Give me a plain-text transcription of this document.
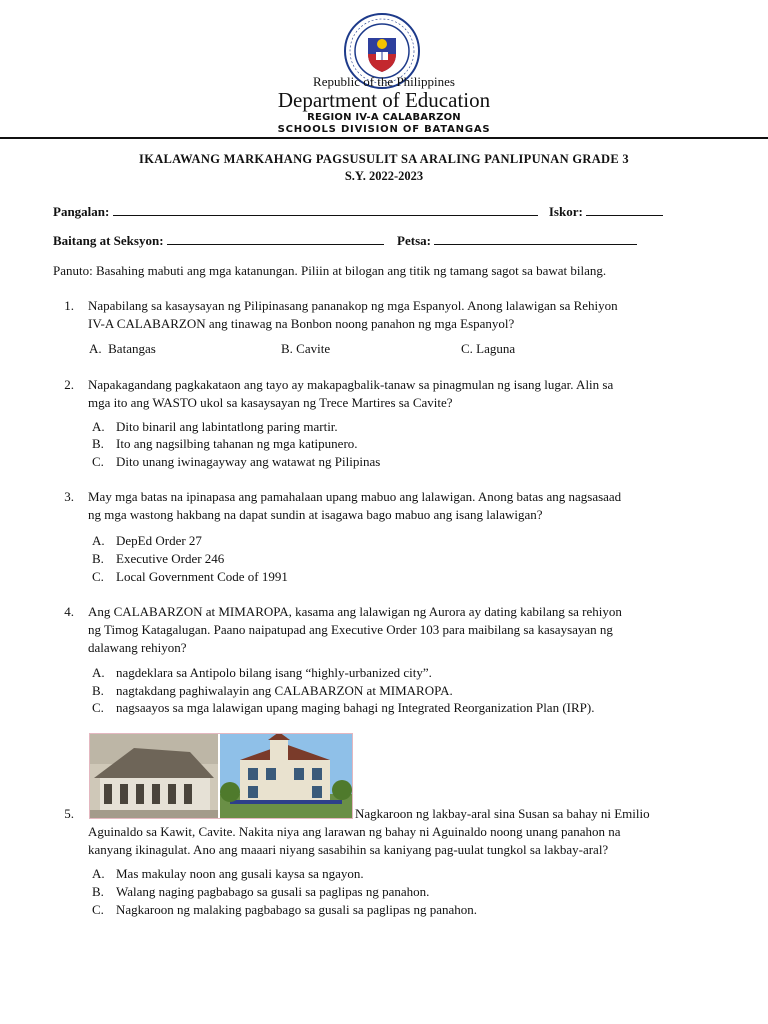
Republic of the Philippines
Department of Education
REGION IV-A CALABARZON
SCHOOLS DIVISION OF BATANGAS
IKALAWANG MARKAHANG PAGSUSULIT SA ARALING PANLIPUNAN GRADE 3
S.Y. 2022-2023
Pangalan:	Iskor:
Baitang at Seksyon:	Petsa:
Panuto: Basahing mabuti ang mga katanungan. Piliin at bilogan ang titik ng tamang sagot sa bawat bilang.
1. Napabilang sa kasaysayan ng Pilipinasang pananakop ng mga Espanyol. Anong lalawigan sa Rehiyon
IV-A CALABARZON ang tinawag na Bonbon noong panahon ng mga Espanyol?
A. Batangas	B. Cavite	C. Laguna
2. Napakagandang pagkakataon ang tayo ay makapagbalik-tanaw sa pinagmulan ng isang lugar. Alin sa
mga ito ang WASTO ukol sa kasaysayan ng Trece Martires sa Cavite?
A. Dito binaril ang labintatlong paring martir.
B. Ito ang nagsilbing tahanan ng mga katipunero.
C. Dito unang iwinagayway ang watawat ng Pilipinas
3. May mga batas na ipinapasa ang pamahalaan upang mabuo ang lalawigan. Anong batas ang nagsasaad
ng mga wastong hakbang na dapat sundin at isagawa bago mabuo ang isang lalawigan?
A. DepEd Order 27
B. Executive Order 246
C. Local Government Code of 1991
4. Ang CALABARZON at MIMAROPA, kasama ang lalawigan ng Aurora ay dating kabilang sa rehiyon
ng Timog Katagalugan. Paano naipatupad ang Executive Order 103 para maibilang sa kasaysayan ng
dalawang rehiyon?
A. nagdeklara sa Antipolo bilang isang “highly-urbanized city”.
B. nagtakdang paghiwalayin ang CALABARZON at MIMAROPA.
C. nagsaayos sa mga lalawigan upang maging bahagi ng Integrated Reorganization Plan (IRP).
5.	Nagkaroon ng lakbay-aral sina Susan sa bahay ni Emilio
Aguinaldo sa Kawit, Cavite. Nakita niya ang larawan ng bahay ni Aguinaldo noong unang panahon na
kanyang ikinagulat. Ano ang maaari niyang sasabihin sa kaniyang pag-uulat tungkol sa lakbay-aral?
A. Mas makulay noon ang gusali kaysa sa ngayon.
B. Walang naging pagbabago sa gusali sa paglipas ng panahon.
C. Nagkaroon ng malaking pagbabago sa gusali sa paglipas ng panahon.
